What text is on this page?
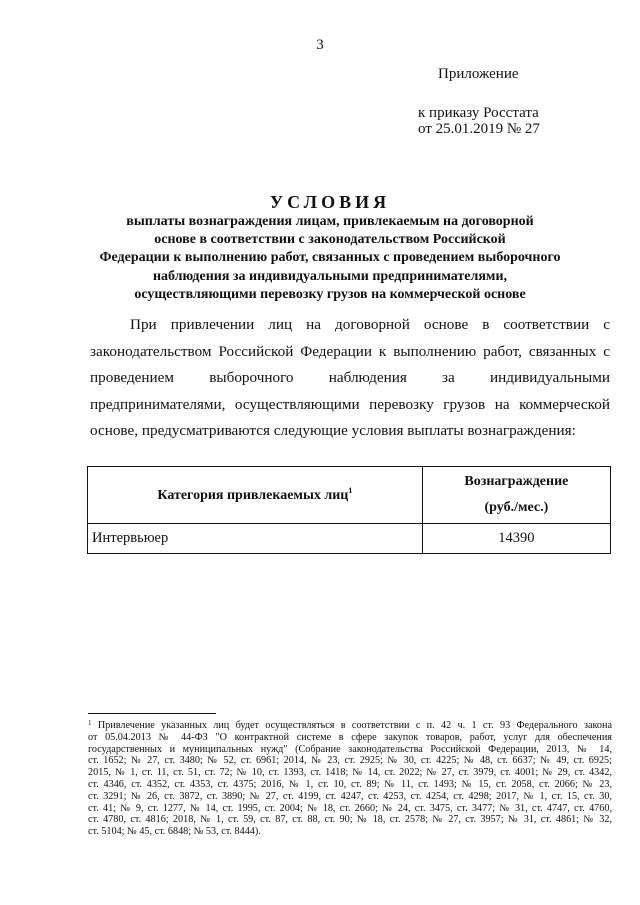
3
Приложение
к приказу Росстата
от 25.01.2019 № 27
УСЛОВИЯ
выплаты вознаграждения лицам, привлекаемым на договорной
основе в соответствии с законодательством Российской
Федерации к выполнению работ, связанных с проведением выборочного
наблюдения за индивидуальными предпринимателями,
осуществляющими перевозку грузов на коммерческой основе
При привлечении лиц на договорной основе в соответствии с
законодательством Российской Федерации к выполнению работ, связанных с
проведением выборочного наблюдения за индивидуальными
предпринимателями, осуществляющими перевозку грузов на коммерческой
основе, предусматриваются следующие условия выплаты вознаграждения:
Категория привлекаемых лиц$^1$	Вознаграждение
(руб./мес.)
Интервьюер	14390
$^1$ Привлечение указанных лиц будет осуществляться в соответствии с п. 42 ч. 1 ст. 93 Федерального закона
от 05.04.2013 № 44-ФЗ "О контрактной системе в сфере закупок товаров, работ, услуг для обеспечения
государственных и муниципальных нужд" (Собрание законодательства Российской Федерации, 2013, № 14,
ст. 1652; № 27, ст. 3480; № 52, ст. 6961; 2014, № 23, ст. 2925; № 30, ст. 4225; № 48, ст. 6637; № 49, ст. 6925;
2015, № 1, ст. 11, ст. 51, ст. 72; № 10, ст. 1393, ст. 1418; № 14, ст. 2022; № 27, ст. 3979, ст. 4001; № 29, ст. 4342,
ст. 4346, ст. 4352, ст. 4353, ст. 4375; 2016, № 1, ст. 10, ст. 89; № 11, ст. 1493; № 15, ст. 2058, ст. 2066; № 23,
ст. 3291; № 26, ст. 3872, ст. 3890; № 27, ст. 4199, ст. 4247, ст. 4253, ст. 4254, ст. 4298; 2017, № 1, ст. 15, ст. 30,
ст. 41; № 9, ст. 1277, № 14, ст. 1995, ст. 2004; № 18, ст. 2660; № 24, ст. 3475, ст. 3477; № 31, ст. 4747, ст. 4760,
ст. 4780, ст. 4816; 2018, № 1, ст. 59, ст. 87, ст. 88, ст. 90; № 18, ст. 2578; № 27, ст. 3957; № 31, ст. 4861; № 32,
ст. 5104; № 45, ст. 6848; № 53, ст. 8444).
